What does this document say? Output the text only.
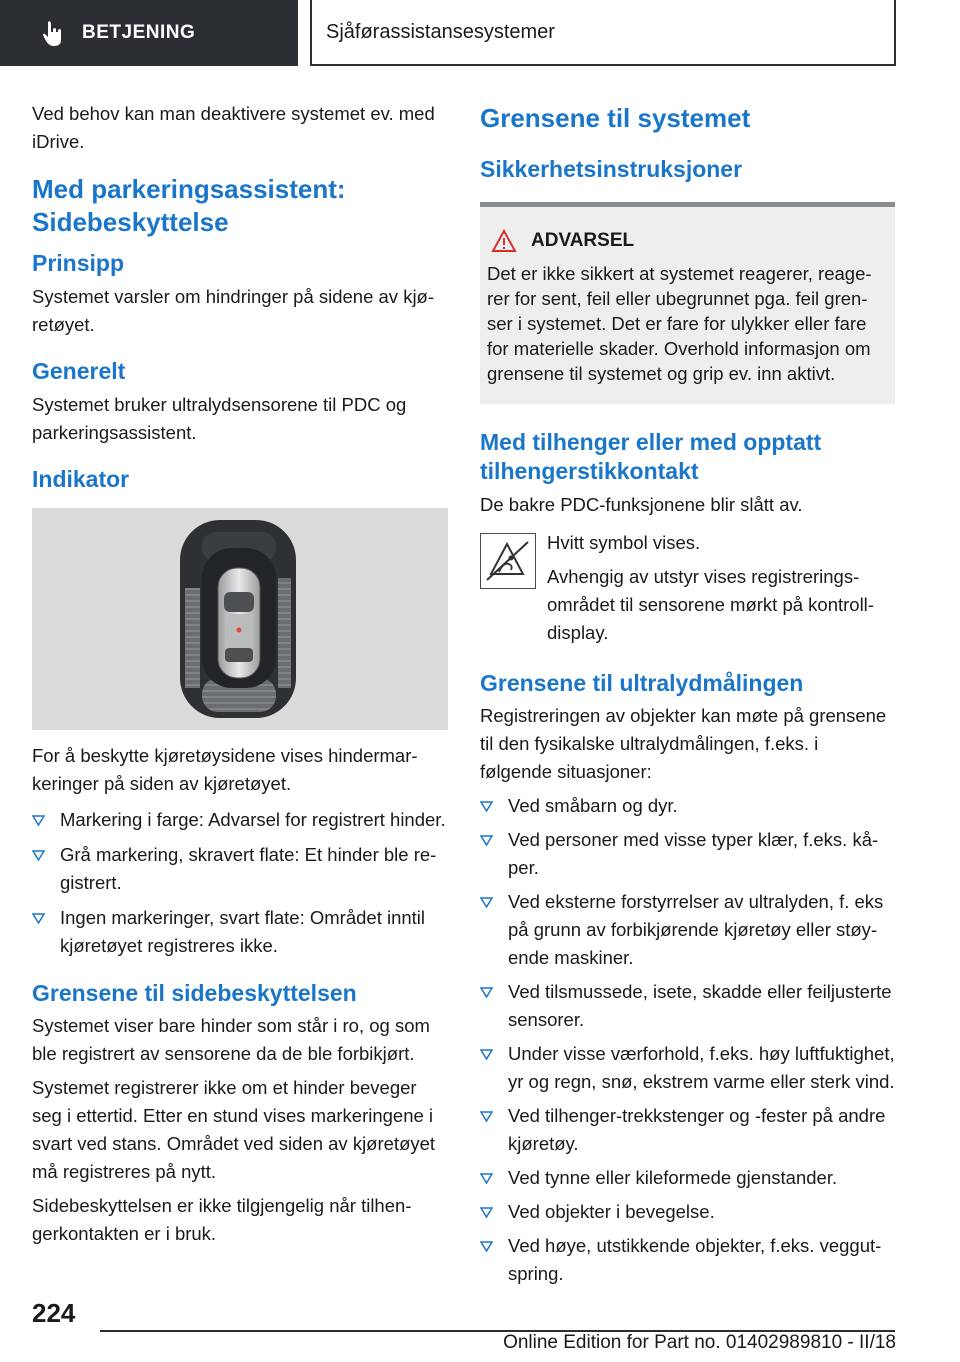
BETJENING	Sjåførassistansesystemer

Ved behov kan man deaktivere systemet ev. med iDrive.

Med parkeringsassistent: Sidebeskyttelse
Prinsipp

Systemet varsler om hindringer på sidene av kjøretøyet.

Generelt

Systemet bruker ultralydsensorene til PDC og parkeringsassistent.

Indikator

For å beskytte kjøretøysidene vises hindermarkeringer på siden av kjøretøyet.

Markering i farge: Advarsel for registrert hinder.
Grå markering, skravert flate: Et hinder ble registrert.
Ingen markeringer, svart flate: Området inntil kjøretøyet registreres ikke.
Grensene til sidebeskyttelsen

Systemet viser bare hinder som står i ro, og som ble registrert av sensorene da de ble forbikjørt.

Systemet registrerer ikke om et hinder beveger seg i ettertid. Etter en stund vises markeringene i svart ved stans. Området ved siden av kjøretøyet må registreres på nytt.

Sidebeskyttelsen er ikke tilgjengelig når tilhengerkontakten er i bruk.

Grensene til systemet
Sikkerhetsinstruksjoner
ADVARSEL

Det er ikke sikkert at systemet reagerer, reagerer for sent, feil eller ubegrunnet pga. feil grenser i systemet. Det er fare for ulykker eller fare for materielle skader. Overhold informasjon om grensene til systemet og grip ev. inn aktivt.

Med tilhenger eller med opptatt tilhengerstikkontakt

De bakre PDC-funksjonene blir slått av.

Hvitt symbol vises.

Avhengig av utstyr vises registreringsområdet til sensorene mørkt på kontrolldisplay.

Grensene til ultralydmålingen

Registreringen av objekter kan møte på grensene til den fysikalske ultralydmålingen, f.eks. i følgende situasjoner:

Ved småbarn og dyr.
Ved personer med visse typer klær, f.eks. kåper.
Ved eksterne forstyrrelser av ultralyden, f. eks på grunn av forbikjørende kjøretøy eller støyende maskiner.
Ved tilsmussede, isete, skadde eller feiljusterte sensorer.
Under visse værforhold, f.eks. høy luftfuktighet, yr og regn, snø, ekstrem varme eller sterk vind.
Ved tilhenger-trekkstenger og -fester på andre kjøretøy.
Ved tynne eller kileformede gjenstander.
Ved objekter i bevegelse.
Ved høye, utstikkende objekter, f.eks. veggutspring.
224
Online Edition for Part no. 01402989810 - II/18
